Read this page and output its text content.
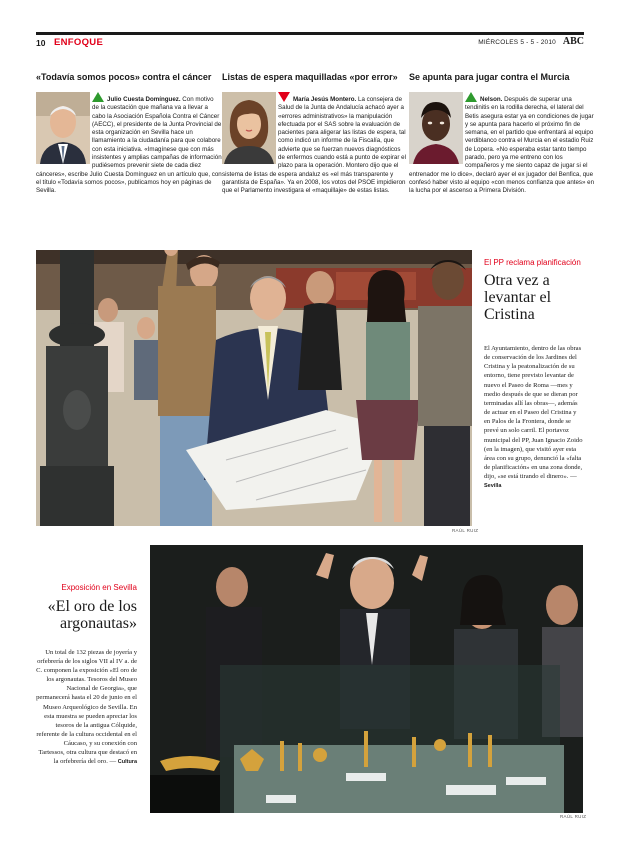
10 ENFOQUE	MIÉRCOLES 5 - 5 - 2010 ABC
«Todavía somos pocos» contra el cáncer
Julio Cuesta Domínguez. Con motivo de la cuestación que mañana va a llevar a cabo la Asociación Española Contra el Cáncer (AECC), el presidente de la Junta Provincial de esta organización en Sevilla hace un llamamiento a la ciudadanía para que colabore con esta iniciativa. «Imagínese que con más insistentes y amplias campañas de información pudiésemos prevenir siete de cada diez cánceres», escribe Julio Cuesta Domínguez en un artículo que, con el título «Todavía somos pocos», publicamos hoy en páginas de Sevilla.
Listas de espera maquilladas «por error»
María Jesús Montero. La consejera de Salud de la Junta de Andalucía achacó ayer a «errores administrativos» la manipulación efectuada por el SAS sobre la evaluación de pacientes para aligerar las listas de espera, tal como indicó un informe de la Fiscalía, que advierte que se fuerzan nuevos diagnósticos de enfermos cuando está a punto de expirar el plazo para la operación. Montero dijo que el sistema de listas de espera andaluz es «el más transparente y garantista de España». Ya en 2008, los votos del PSOE impidieron que el Parlamento investigara el «maquillaje» de estas listas.
Se apunta para jugar contra el Murcia
Nelson. Después de superar una tendinitis en la rodilla derecha, el lateral del Betis asegura estar ya en condiciones de jugar y se apunta para hacerlo el próximo fin de semana, en el partido que enfrentará al equipo verdiblanco contra el Murcia en el estadio Ruiz de Lopera. «No esperaba estar tanto tiempo parado, pero ya me entreno con los compañeros y me siento capaz de jugar si el entrenador me lo dice», declaró ayer el ex jugador del Benfica, que confesó haber visto al equipo «con menos confianza que antes» en la lucha por el ascenso a Primera División.
RAÚL RUIZ
El PP reclama planificación
Otra vez a levantar el Cristina
El Ayuntamiento, dentro de las obras de conservación de los Jardines del Cristina y la peatonalización de su entorno, tiene previsto levantar de nuevo el Paseo de Roma —mes y medio después de que se dieran por terminadas allí las obras—, además de actuar en el Paseo del Cristina y en Palos de la Frontera, donde se prevé un solo carril. El portavoz municipal del PP, Juan Ignacio Zoido (en la imagen), que visitó ayer esta área con su grupo, denunció la «falta de planificación» en una zona donde, dijo, «se está tirando el dinero». — Sevilla
Exposición en Sevilla
«El oro de los argonautas»
Un total de 132 piezas de joyería y orfebrería de los siglos VII al IV a. de C. componen la exposición «El oro de los argonautas. Tesoros del Museo Nacional de Georgia», que permanecerá hasta el 20 de junio en el Museo Arqueológico de Sevilla. En esta muestra se pueden apreciar los tesoros de la antigua Cólquide, referente de la cultura occidental en el Cáucaso, y su conexión con Tartessos, otra cultura que destacó en la orfebrería del oro. — Cultura
RAÚL RUIZ
